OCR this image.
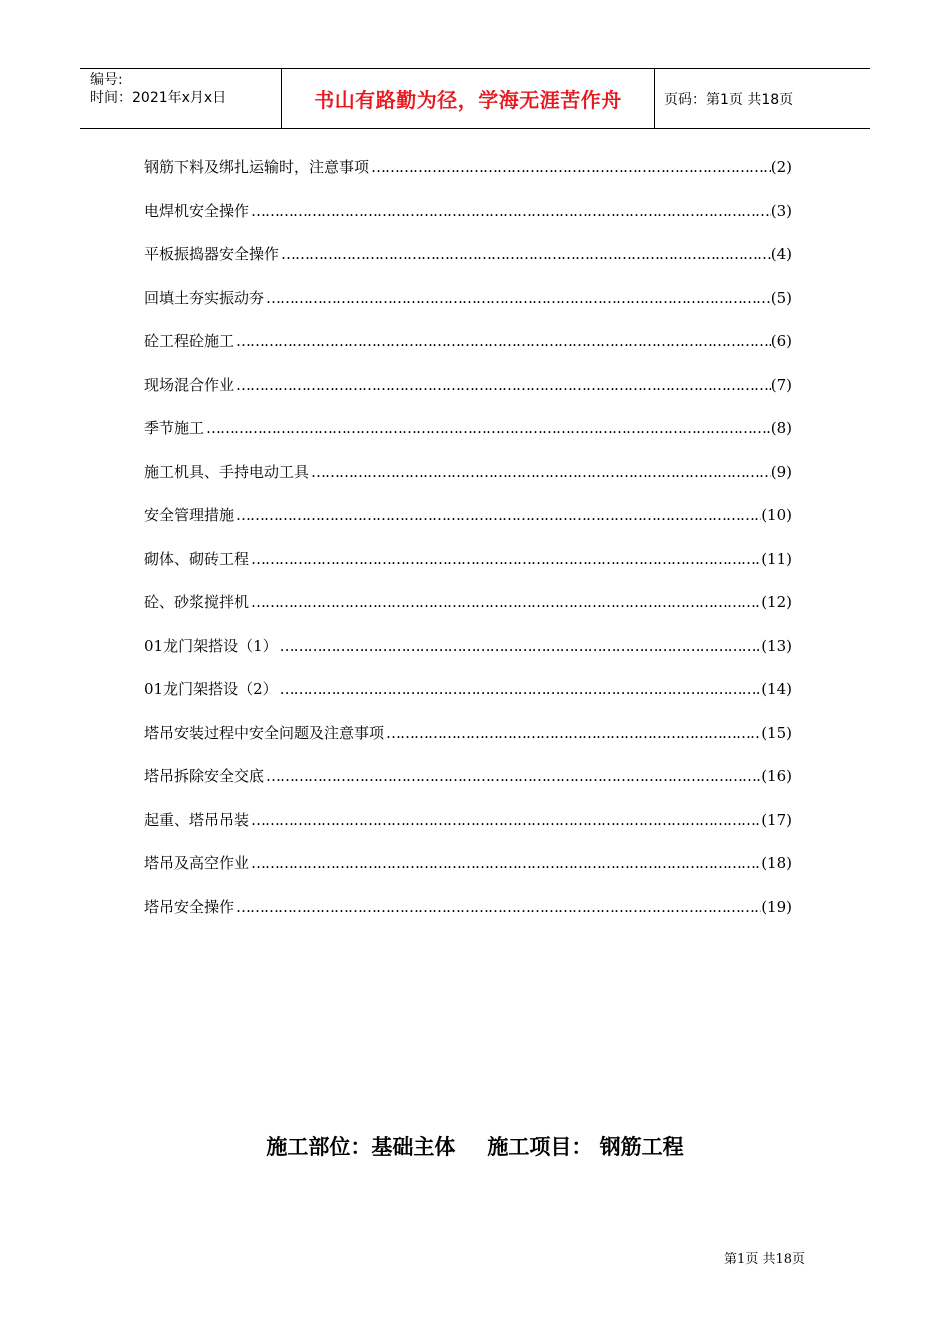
编号:
时间：2021年x月x日	书山有路勤为径，学海无涯苦作舟	页码：第1页 共18页
钢筋下料及绑扎运输时，注意事项 ………………………………………………………………………………………………………………………………………………………………………………	(2)
电焊机安全操作 ………………………………………………………………………………………………………………………………………………………………………………	(3)
平板振捣器安全操作 ………………………………………………………………………………………………………………………………………………………………………………	(4)
回填土夯实振动夯 ………………………………………………………………………………………………………………………………………………………………………………	(5)
砼工程砼施工 ………………………………………………………………………………………………………………………………………………………………………………	(6)
现场混合作业 ………………………………………………………………………………………………………………………………………………………………………………	(7)
季节施工 ………………………………………………………………………………………………………………………………………………………………………………	(8)
施工机具、手持电动工具 ………………………………………………………………………………………………………………………………………………………………………………	(9)
安全管理措施 ………………………………………………………………………………………………………………………………………………………………………………	(10)
砌体、砌砖工程 ………………………………………………………………………………………………………………………………………………………………………………	(11)
砼、砂浆搅拌机 ………………………………………………………………………………………………………………………………………………………………………………	(12)
01龙门架搭设（1） ………………………………………………………………………………………………………………………………………………………………………………	(13)
01龙门架搭设（2） ………………………………………………………………………………………………………………………………………………………………………………	(14)
塔吊安装过程中安全问题及注意事项 ………………………………………………………………………………………………………………………………………………………………………………	(15)
塔吊拆除安全交底 ………………………………………………………………………………………………………………………………………………………………………………	(16)
起重、塔吊吊装 ………………………………………………………………………………………………………………………………………………………………………………	(17)
塔吊及高空作业 ………………………………………………………………………………………………………………………………………………………………………………	(18)
塔吊安全操作 ………………………………………………………………………………………………………………………………………………………………………………	(19)
施工部位：基础主体 施工项目： 钢筋工程
第1页 共18页
